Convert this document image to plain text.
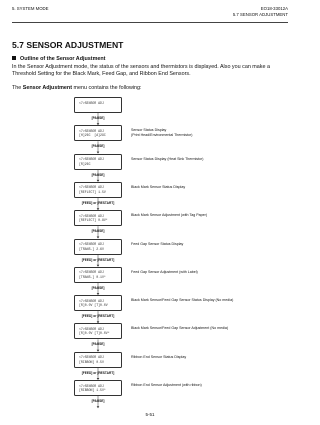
5. SYSTEM MODE	EO18-33012A
5.7 SENSOR ADJUSTMENT
5.7 SENSOR ADJUSTMENT
Outline of the Sensor Adjustment
In the Sensor Adjustment mode, the status of the sensors and thermistors is displayed. Also you can make a Threshold Setting for the Black Mark, Feed Gap, and Ribbon End Sensors.
The Sensor Adjustment menu contains the following:
<7>SENSOR ADJ
[PAUSE]
<7>SENSOR ADJ
[H]26C  [A]29C
Sensor Status Display
(Print Head/Environmental Thermistor)
[PAUSE]
<7>SENSOR ADJ
[R]26C
Sensor Status Display (Heat Sink Thermistor)
[PAUSE]
<7>SENSOR ADJ
[REFLECT] 1.5V
Black Mark Sensor Status Display
[FEED] or [RESTART]
<7>SENSOR ADJ
[REFLECT] 0.8V*
Black Mark Sensor Adjustment (with Tag Paper)
[PAUSE]
<7>SENSOR ADJ
[TRANS.] 2.6V
Feed Gap Sensor Status Display
[FEED] or [RESTART]
<7>SENSOR ADJ
[TRANS.] 0.1V*
Feed Gap Sensor Adjustment (with Label)
[PAUSE]
<7>SENSOR ADJ
[R]0.0V [T]0.0V
Black Mark Sensor/Feed Gap Sensor Status Display (No media)
[FEED] or [RESTART]
<7>SENSOR ADJ
[R]0.0V [T]0.0V*
Black Mark Sensor/Feed Gap Sensor Adjustment (No media)
[PAUSE]
<7>SENSOR ADJ
[RIBBON] 0.5V
Ribbon End Sensor Status Display
[FEED] or [RESTART]
<7>SENSOR ADJ
[RIBBON] 1.5V*
Ribbon End Sensor Adjustment (with ribbon)
[PAUSE]
5-51
